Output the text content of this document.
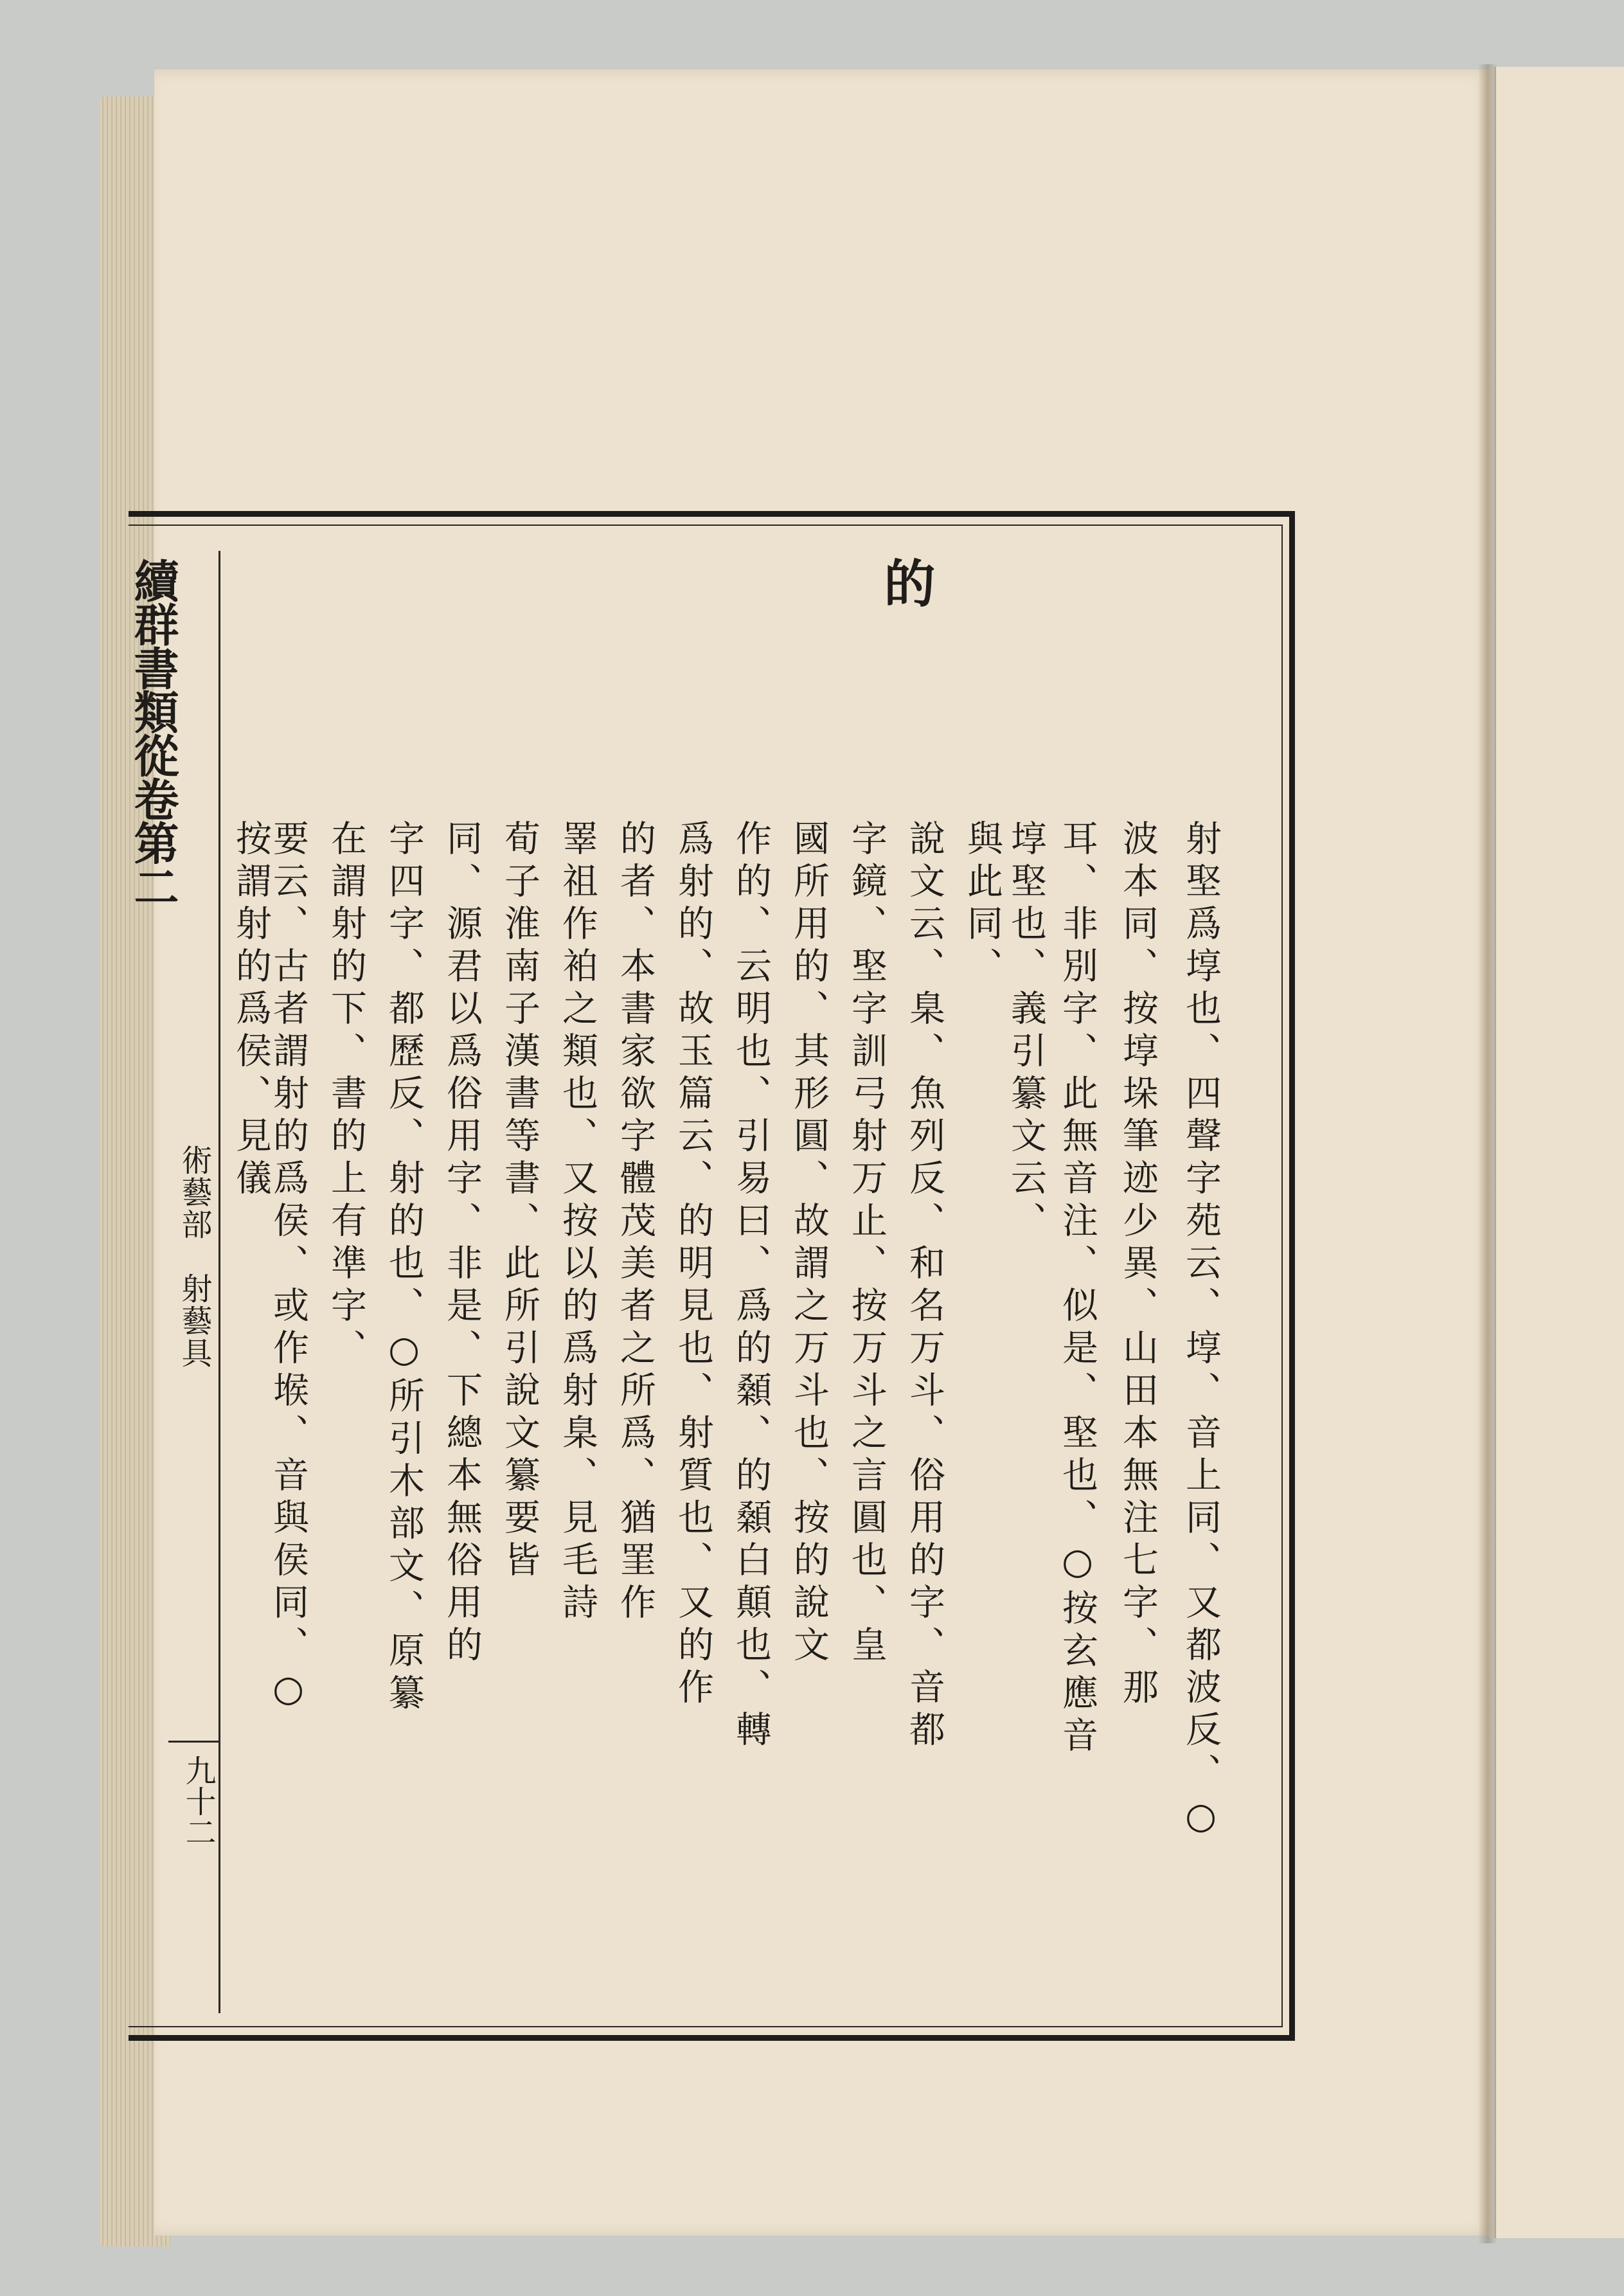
續群書類從卷第二
術藝部　射藝具
九十二
的
射埾爲埻也、四聲字苑云、埻、音上同、又都波反、○
波本同、按埻垛筆迹少異、山田本無注七字、那
耳、非別字、此無音注、似是、埾也、○按玄應音
埻埾也、義引纂文云、
與此同、
說文云、臬、魚列反、和名万斗、俗用的字、音都
字鏡、埾字訓弓射万止、按万斗之言圓也、皇
國所用的、其形圓、故謂之万斗也、按的說文
作的、云明也、引易曰、爲的顙、的顙白顛也、轉
爲射的、故玉篇云、的明見也、射質也、又的作
的者、本書家欲字體茂美者之所爲、猶罣作
睪祖作袙之類也、又按以的爲射臬、見毛詩
荀子淮南子漢書等書、此所引說文纂要皆
同、源君以爲俗用字、非是、下總本無俗用的
字四字、都歷反、射的也、○所引木部文、原纂
在謂射的下、書的上有凖字、
要云、古者謂射的爲侯、或作堠、音與侯同、○
按謂射的爲侯、見儀
